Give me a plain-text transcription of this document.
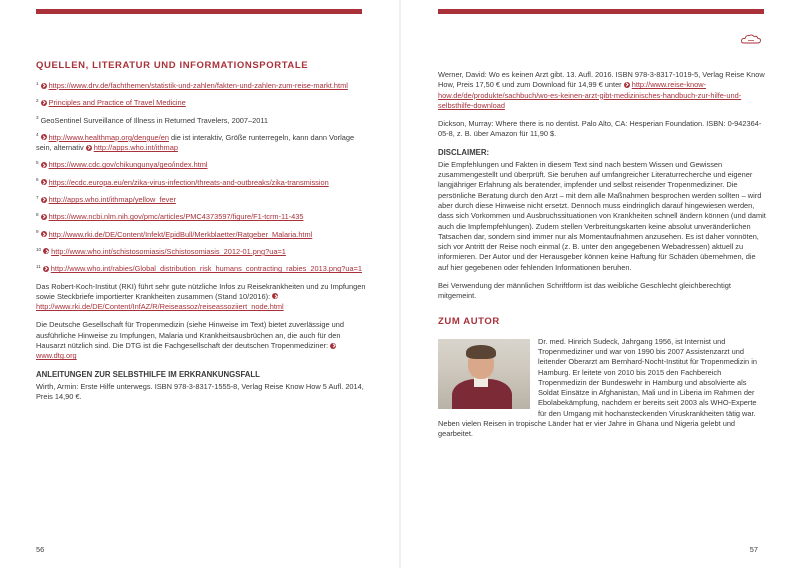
QUELLEN, LITERATUR UND INFORMATIONSPORTALE
$^1$ https://www.drv.de/fachthemen/statistik-und-zahlen/fakten-und-zahlen-zum-reise-markt.html
$^2$ Principles and Practice of Travel Medicine
$^3$ GeoSentinel Surveillance of Illness in Returned Travelers, 2007–2011
$^4$ http://www.healthmap.org/dengue/en die ist interaktiv, Größe runterregeln, kann dann Vorlage sein, alternativ http://apps.who.int/ithmap
$^5$ https://www.cdc.gov/chikungunya/geo/index.html
$^6$ https://ecdc.europa.eu/en/zika-virus-infection/threats-and-outbreaks/zika-transmission
$^7$ http://apps.who.int/ithmap/yellow_fever
$^8$ https://www.ncbi.nlm.nih.gov/pmc/articles/PMC4373597/figure/F1-tcrm-11-435
$^9$ http://www.rki.de/DE/Content/Infekt/EpidBull/Merkblaetter/Ratgeber_Malaria.html
$^{10}$ http://www.who.int/schistosomiasis/Schistosomiasis_2012-01.png?ua=1
$^{11}$ http://www.who.int/rabies/Global_distribution_risk_humans_contracting_rabies_2013.png?ua=1

Das Robert-Koch-Institut (RKI) führt sehr gute nützliche Infos zu Reisekrankheiten und zu Impfungen sowie Steckbriefe importierter Krankheiten zusammen (Stand 10/2016): http://www.rki.de/DE/Content/InfAZ/R/Reiseassoz/reiseassoziiert_node.html

Die Deutsche Gesellschaft für Tropenmedizin (siehe Hinweise im Text) bietet zuverlässige und ausführliche Hinweise zu Impfungen, Malaria und Krankheitsausbrüchen an, die auch für den Hausarzt nützlich sind. Die DTG ist die Fachgesellschaft der deutschen Tropenmediziner: www.dtg.org

ANLEITUNGEN ZUR SELBSTHILFE IM ERKRANKUNGSFALL

Wirth, Armin: Erste Hilfe unterwegs. ISBN 978-3-8317-1555-8, Verlag Reise Know How 5 Aufl. 2014, Preis 14,90 €.

56

Werner, David: Wo es keinen Arzt gibt. 13. Aufl. 2016. ISBN 978-3-8317-1019-5, Verlag Reise Know How, Preis 17,50 € und zum Download für 14,99 € unter http://www.reise-know-how.de/de/produkte/sachbuch/wo-es-keinen-arzt-gibt-medizinisches-handbuch-zur-hilfe-und-selbsthilfe-download

Dickson, Murray: Where there is no dentist. Palo Alto, CA: Hesperian Foundation. ISBN: 0-942364-05-8, z. B. über Amazon für 11,90 $.

DISCLAIMER:

Die Empfehlungen und Fakten in diesem Text sind nach bestem Wissen und Gewissen zusammengestellt und überprüft. Sie beruhen auf umfangreicher Literaturrecherche und eigener langjähriger Erfahrung als beratender, impfender und selbst reisender Tropenmediziner. Die persönliche Beratung durch den Arzt – mit dem alle Maßnahmen besprochen werden sollten – wird aber durch diese Hinweise nicht ersetzt. Dennoch muss eindringlich darauf hingewiesen werden, dass sich Vorkommen und Ausbruchssituationen von Krankheiten schnell ändern können (und damit auch die Impfempfehlungen). Zudem stellen Verbreitungskarten keine absolut unveränderlichen Tatsachen dar, sondern sind immer nur als Momentaufnahmen anzusehen. Es ist daher vonnöten, sich vor Antritt der Reise noch einmal (z. B. unter den angegebenen Webadressen) aktuell zu informieren. Der Autor und der Herausgeber können keine Haftung für Schäden übernehmen, die auf hier gegebenen oder fehlenden Informationen beruhen.

Bei Verwendung der männlichen Schriftform ist das weibliche Geschlecht gleichberechtigt mitgemeint.

ZUM AUTOR

Dr. med. Hinrich Sudeck, Jahrgang 1956, ist Internist und Tropenmediziner und war von 1990 bis 2007 Assistenzarzt und leitender Oberarzt am Bernhard-Nocht-Institut für Tropenmedizin in Hamburg. Er leitete von 2010 bis 2015 den Fachbereich Tropenmedizin der Bundeswehr in Hamburg und absolvierte als Soldat Einsätze in Afghanistan, Mali und in Liberia im Rahmen der Ebolabekämpfung, nachdem er bereits seit 2003 als WHO-Experte für den Umgang mit hochansteckenden Viruskrankheiten tätig war. Neben vielen Reisen in tropische Länder hat er vier Jahre in Ghana und Nigeria gelebt und gearbeitet.

57
